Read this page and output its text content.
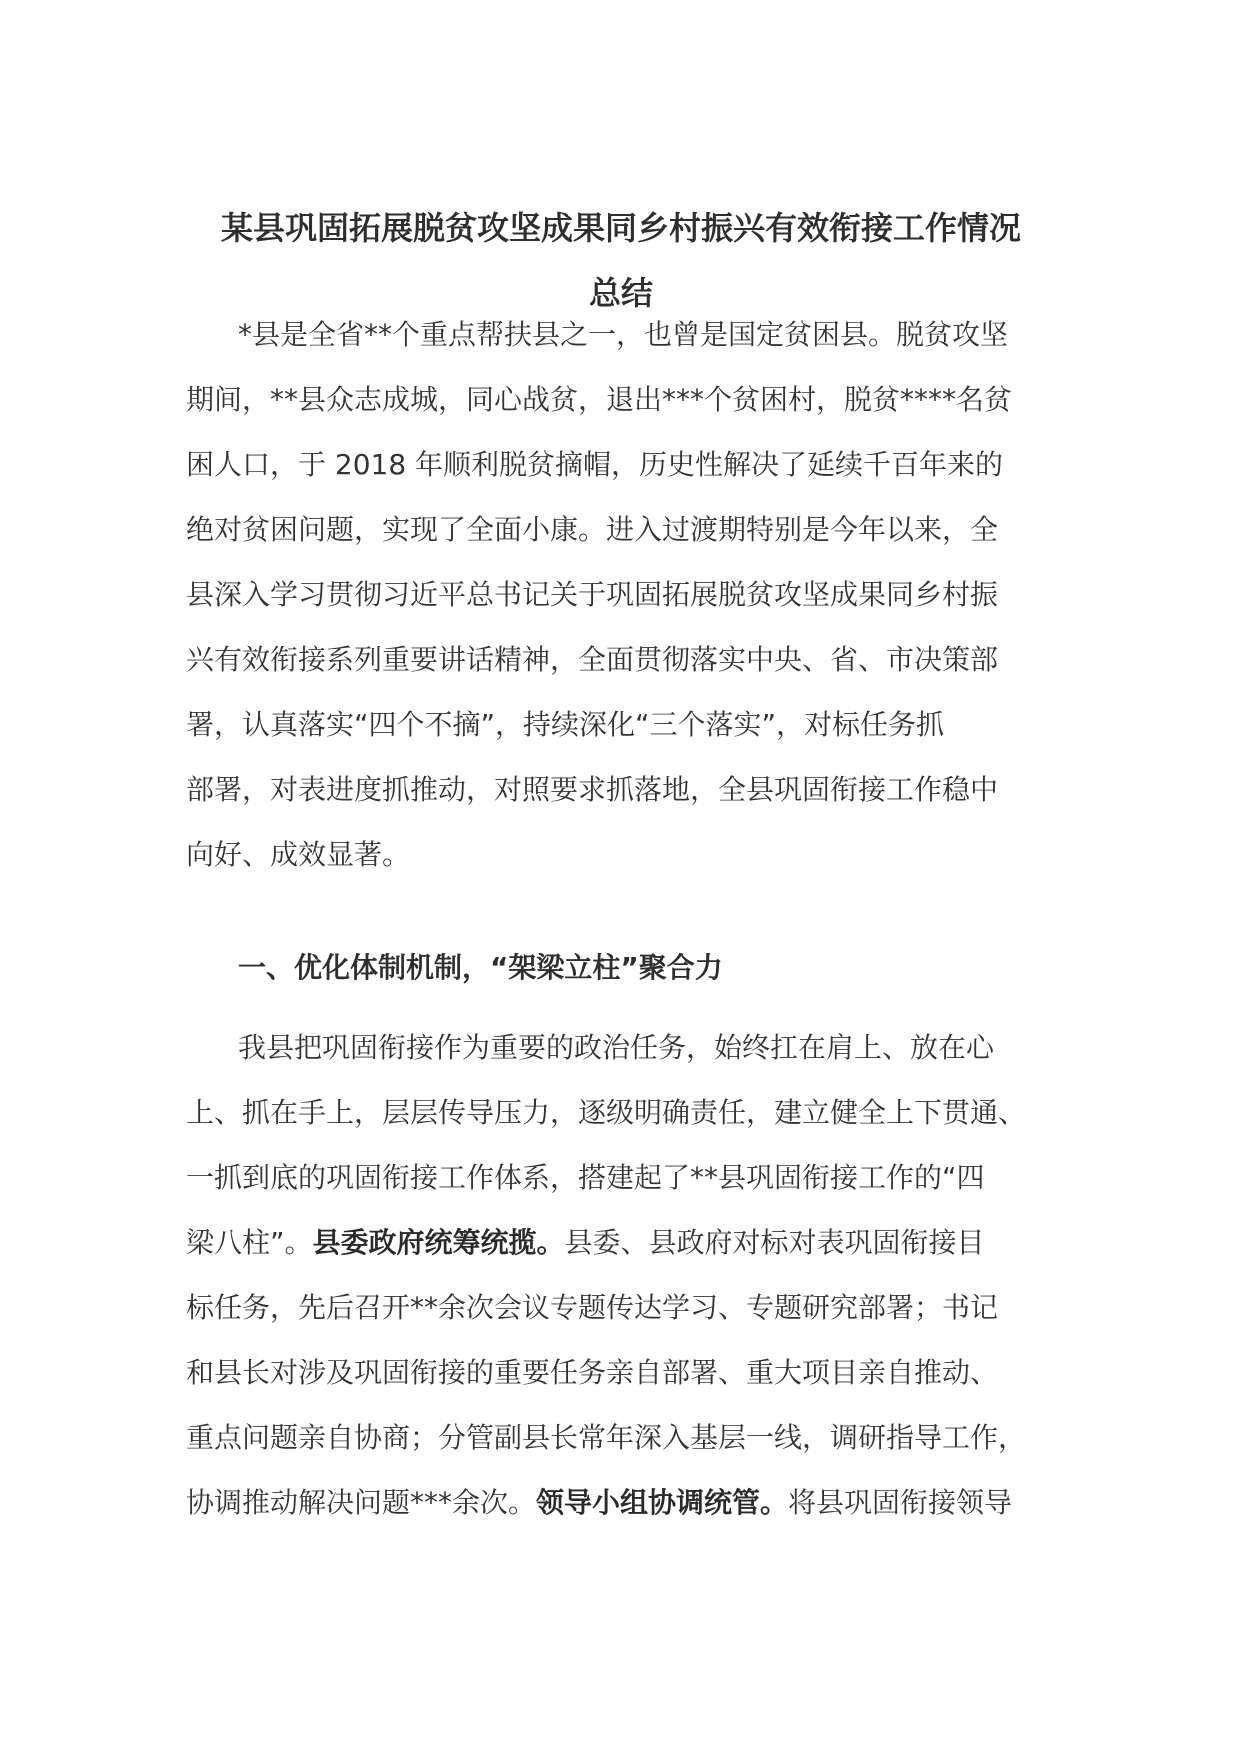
某县巩固拓展脱贫攻坚成果同乡村振兴有效衔接工作情况
总结

*县是全省**个重点帮扶县之一，也曾是国定贫困县。脱贫攻坚
期间，**县众志成城，同心战贫，退出***个贫困村，脱贫****名贫
困人口，于 2018 年顺利脱贫摘帽，历史性解决了延续千百年来的
绝对贫困问题，实现了全面小康。进入过渡期特别是今年以来，全
县深入学习贯彻习近平总书记关于巩固拓展脱贫攻坚成果同乡村振
兴有效衔接系列重要讲话精神，全面贯彻落实中央、省、市决策部
署，认真落实“四个不摘”，持续深化“三个落实”，对标任务抓
部署，对表进度抓推动，对照要求抓落地，全县巩固衔接工作稳中
向好、成效显著。

一、优化体制机制，“架梁立柱”聚合力

我县把巩固衔接作为重要的政治任务，始终扛在肩上、放在心
上、抓在手上，层层传导压力，逐级明确责任，建立健全上下贯通、
一抓到底的巩固衔接工作体系，搭建起了**县巩固衔接工作的“四
梁八柱”。县委政府统筹统揽。县委、县政府对标对表巩固衔接目
标任务，先后召开**余次会议专题传达学习、专题研究部署；书记
和县长对涉及巩固衔接的重要任务亲自部署、重大项目亲自推动、
重点问题亲自协商；分管副县长常年深入基层一线，调研指导工作，
协调推动解决问题***余次。领导小组协调统管。将县巩固衔接领导
